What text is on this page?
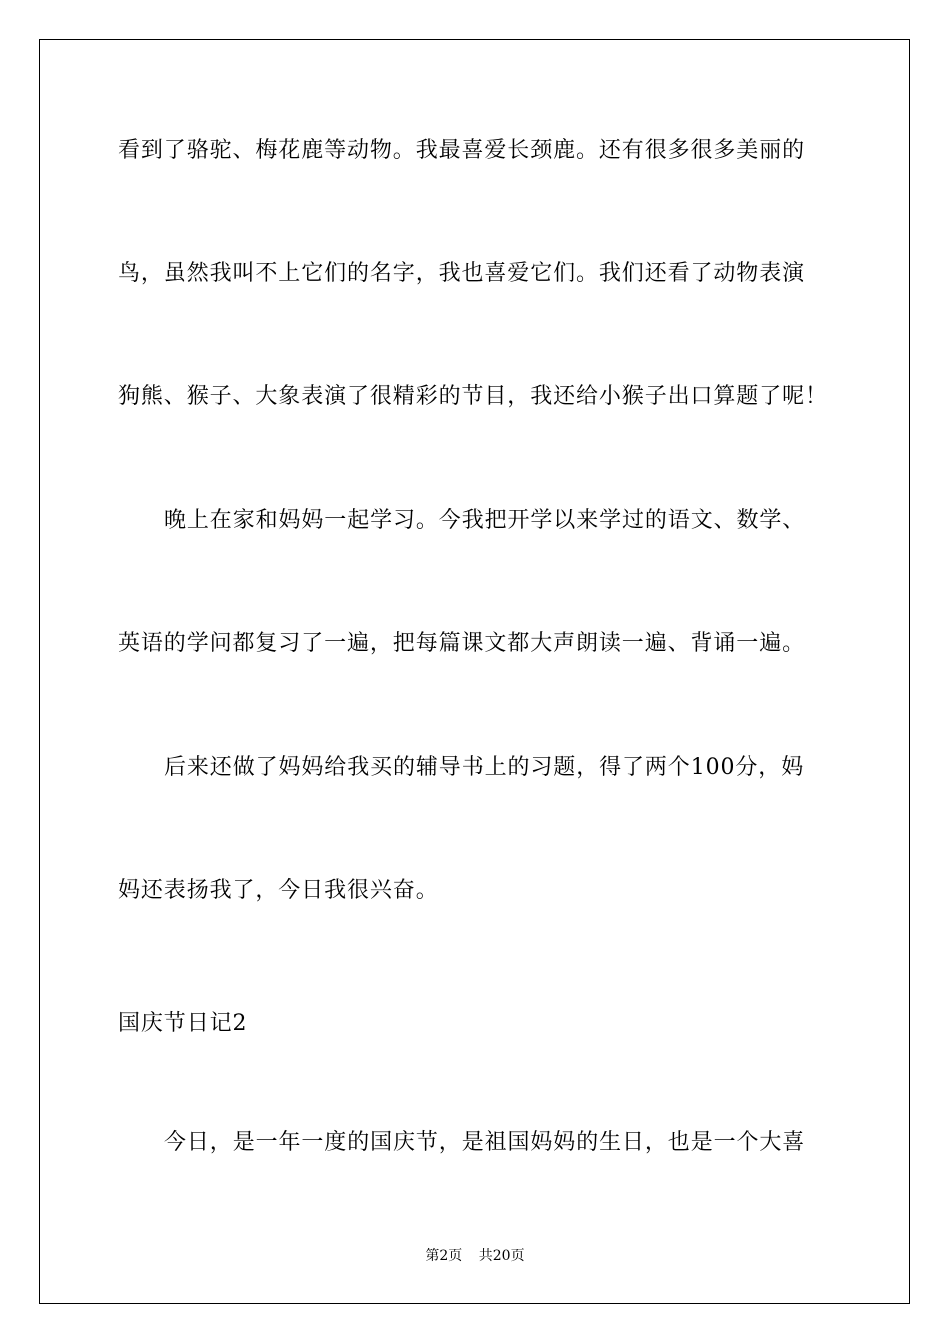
看到了骆驼、梅花鹿等动物。我最喜爱长颈鹿。还有很多很多美丽的
鸟，虽然我叫不上它们的名字，我也喜爱它们。我们还看了动物表演
狗熊、猴子、大象表演了很精彩的节目，我还给小猴子出口算题了呢！
晚上在家和妈妈一起学习。今我把开学以来学过的语文、数学、
英语的学问都复习了一遍，把每篇课文都大声朗读一遍、背诵一遍。
后来还做了妈妈给我买的辅导书上的习题，得了两个100分，妈
妈还表扬我了，今日我很兴奋。
国庆节日记2
今日，是一年一度的国庆节，是祖国妈妈的生日，也是一个大喜
第2页 共20页
